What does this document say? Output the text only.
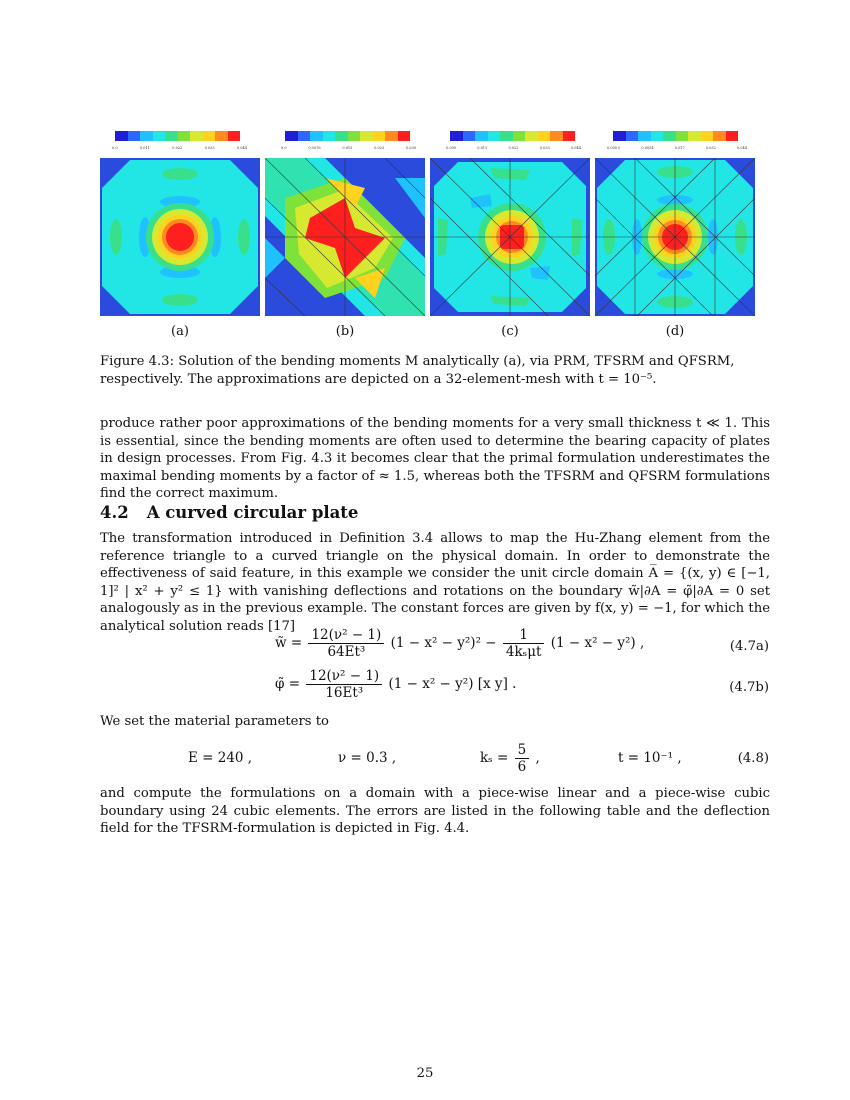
0.0	0.011	0.022	0.033	0.044
(a)
0.0	0.0076	0.015	0.023	0.030
(b)
0.000	0.011	0.022	0.033	0.044
(c)
0.000 0	0.0054	0.017	0.032	0.044
(d)
Figure 4.3: Solution of the bending moments M analytically (a), via PRM, TFSRM and QFSRM, respectively. The approximations are depicted on a 32-element-mesh with t = 10⁻⁵.
produce rather poor approximations of the bending moments for a very small thickness t ≪ 1. This is essential, since the bending moments are often used to determine the bearing capacity of plates in design processes. From Fig. 4.3 it becomes clear that the primal formulation underestimates the maximal bending moments by a factor of ≈ 1.5, whereas both the TFSRM and QFSRM formulations find the correct maximum.
4.2 A curved circular plate
The transformation introduced in Definition 3.4 allows to map the Hu-Zhang element from the reference triangle to a curved triangle on the physical domain. In order to demonstrate the effectiveness of said feature, in this example we consider the unit circle domain A̅ = {(x, y) ∈ [−1, 1]² | x² + y² ≤ 1} with vanishing deflections and rotations on the boundary w̃|∂A = φ̃|∂A = 0 set analogously as in the previous example. The constant forces are given by f(x, y) = −1, for which the analytical solution reads [17]
w̃ = $\frac{\text{12(ν² − 1)}}{\text{64Et³}} (1 - x^2 - y^2)^2 - \frac{1}{\text{4kₛμt}} (1 - x^2 - y^2)$ ,	(4.7a)
φ̃ = $\frac{\text{12(ν² − 1)}}{\text{16Et³}} (1 - x^2 - y^2)$ [x y] .	(4.7b)
We set the material parameters to
E = 240 ,	ν = 0.3 ,	$k_s = \frac{5}{6}$ ,	t = 10⁻¹ ,	(4.8)
and compute the formulations on a domain with a piece-wise linear and a piece-wise cubic boundary using 24 cubic elements. The errors are listed in the following table and the deflection field for the TFSRM-formulation is depicted in Fig. 4.4.
25
